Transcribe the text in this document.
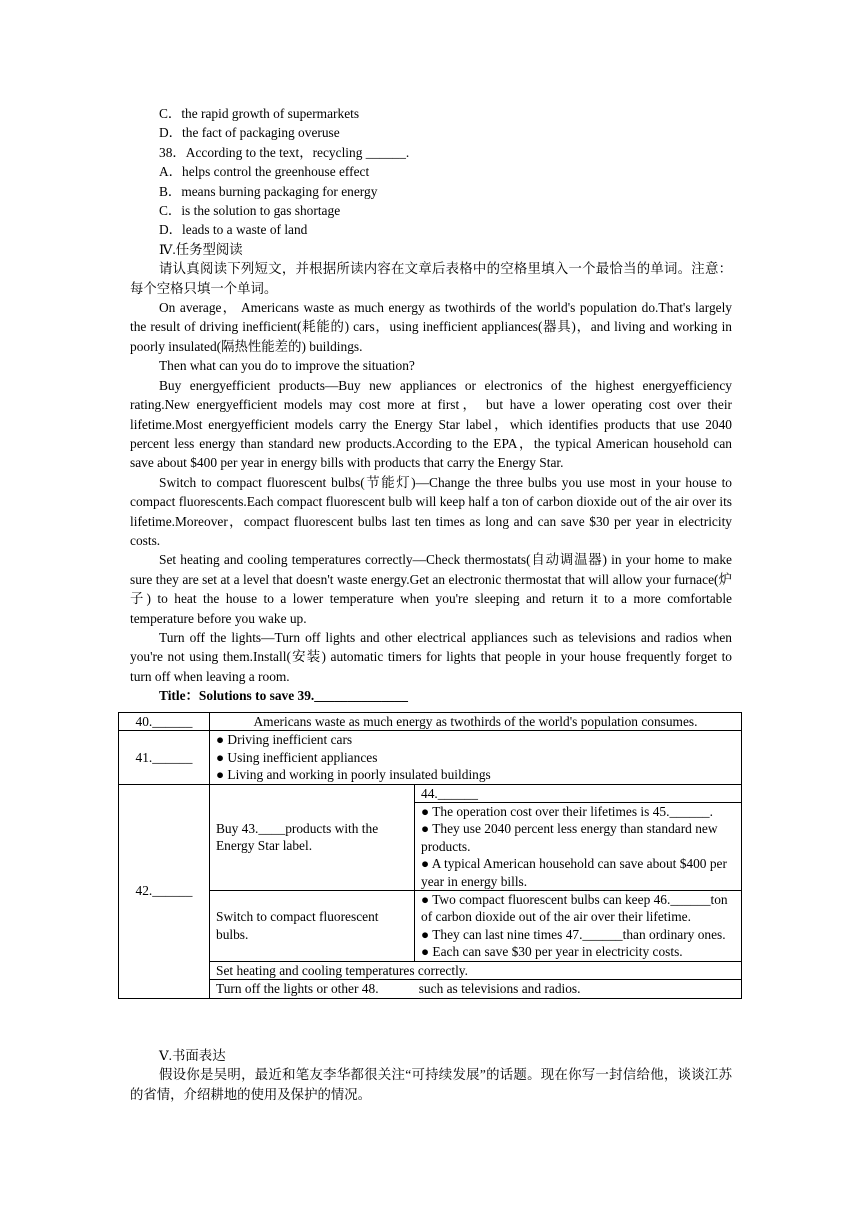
C．the rapid growth of supermarkets
D．the fact of packaging overuse
38．According to the text，recycling ______.
A．helps control the greenhouse effect
B．means burning packaging for energy
C．is the solution to gas shortage
D．leads to a waste of land
Ⅳ.任务型阅读

请认真阅读下列短文，并根据所读内容在文章后表格中的空格里填入一个最恰当的单词。注意：每个空格只填一个单词。

On average， Americans waste as much energy as twothirds of the world's population do.That's largely the result of driving inefficient(耗能的) cars，using inefficient appliances(器具)，and living and working in poorly insulated(隔热性能差的) buildings.

Then what can you do to improve the situation?

Buy energyefficient products—Buy new appliances or electronics of the highest energyefficiency rating.New energyefficient models may cost more at first， but have a lower operating cost over their lifetime.Most energyefficient models carry the Energy Star label，which identifies products that use 2040 percent less energy than standard new products.According to the EPA，the typical American household can save about $400 per year in energy bills with products that carry the Energy Star.

Switch to compact fluorescent bulbs(节能灯)—Change the three bulbs you use most in your house to compact fluorescents.Each compact fluorescent bulb will keep half a ton of carbon dioxide out of the air over its lifetime.Moreover，compact fluorescent bulbs last ten times as long and can save $30 per year in electricity costs.

Set heating and cooling temperatures correctly—Check thermostats(自动调温器) in your home to make sure they are set at a level that doesn't waste energy.Get an electronic thermostat that will allow your furnace(炉子) to heat the house to a lower temperature when you're sleeping and return it to a more comfortable temperature before you wake up.

Turn off the lights—Turn off lights and other electrical appliances such as televisions and radios when you're not using them.Install(安装) automatic timers for lights that people in your house frequently forget to turn off when leaving a room.

Title：Solutions to save 39.______________
40.______	Americans waste as much energy as twothirds of the world's population consumes.	
41.______	● Driving inefficient cars
● Using inefficient appliances
● Living and working in poorly insulated buildings	

42.______	Buy 43.____products with the Energy Star label.	44.______

		● The operation cost over their lifetimes is 45.______.
● They use 2040 percent less energy than standard new products.
● A typical American household can save about $400 per year in energy bills.

	Switch to compact fluorescent bulbs.	● Two compact fluorescent bulbs can keep 46.______ton of carbon dioxide out of the air over their lifetime.
● They can last nine times 47.______than ordinary ones.
● Each can save $30 per year in electricity costs.

	Set heating and cooling temperatures correctly.	
	Turn off the lights or other 48.            such as televisions and radios.	
Ⅴ.书面表达

假设你是吴明，最近和笔友李华都很关注“可持续发展”的话题。现在你写一封信给他，谈谈江苏的省情，介绍耕地的使用及保护的情况。
